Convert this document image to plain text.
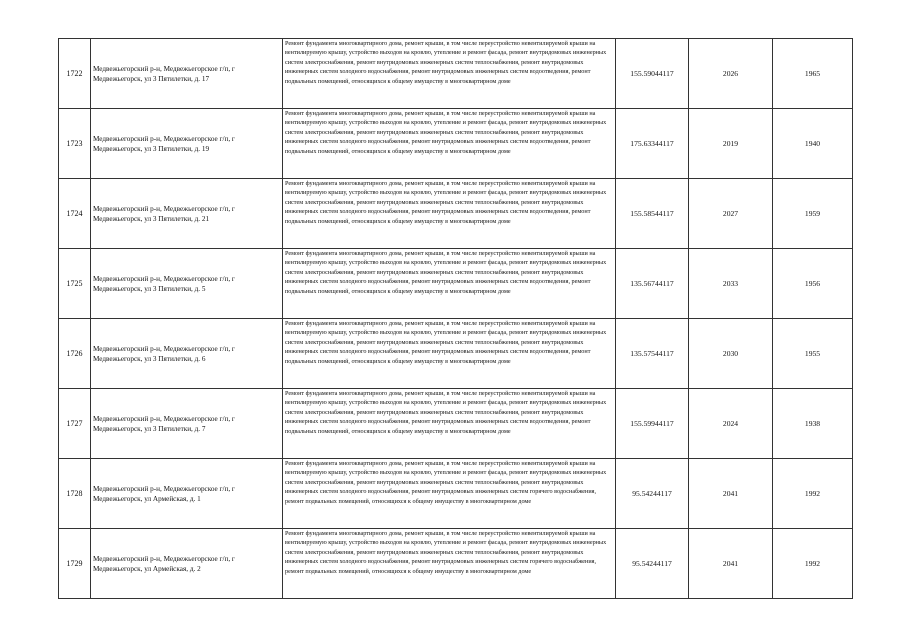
1722	Медвежьегорский р-н, Медвежьегорское г/п, г Медвежьегорск, ул 3 Пятилетки, д. 17	Ремонт фундамента многоквартирного дома, ремонт крыши, в том числе переустройство невентилируемой крыши на вентилируемую крышу, устройство выходов на кровлю, утепление и ремонт фасада, ремонт внутридомовых инженерных систем электроснабжения, ремонт внутридомовых инженерных систем теплоснабжения, ремонт внутридомовых инженерных систем холодного водоснабжения, ремонт внутридомовых инженерных систем водоотведения, ремонт подвальных помещений, относящихся к общему имуществу в многоквартирном доме	155.59044117	2026	1965
1723	Медвежьегорский р-н, Медвежьегорское г/п, г Медвежьегорск, ул 3 Пятилетки, д. 19	Ремонт фундамента многоквартирного дома, ремонт крыши, в том числе переустройство невентилируемой крыши на вентилируемую крышу, устройство выходов на кровлю, утепление и ремонт фасада, ремонт внутридомовых инженерных систем электроснабжения, ремонт внутридомовых инженерных систем теплоснабжения, ремонт внутридомовых инженерных систем холодного водоснабжения, ремонт внутридомовых инженерных систем водоотведения, ремонт подвальных помещений, относящихся к общему имуществу в многоквартирном доме	175.63344117	2019	1940
1724	Медвежьегорский р-н, Медвежьегорское г/п, г Медвежьегорск, ул 3 Пятилетки, д. 21	Ремонт фундамента многоквартирного дома, ремонт крыши, в том числе переустройство невентилируемой крыши на вентилируемую крышу, устройство выходов на кровлю, утепление и ремонт фасада, ремонт внутридомовых инженерных систем электроснабжения, ремонт внутридомовых инженерных систем теплоснабжения, ремонт внутридомовых инженерных систем холодного водоснабжения, ремонт внутридомовых инженерных систем водоотведения, ремонт подвальных помещений, относящихся к общему имуществу в многоквартирном доме	155.58544117	2027	1959
1725	Медвежьегорский р-н, Медвежьегорское г/п, г Медвежьегорск, ул 3 Пятилетки, д. 5	Ремонт фундамента многоквартирного дома, ремонт крыши, в том числе переустройство невентилируемой крыши на вентилируемую крышу, устройство выходов на кровлю, утепление и ремонт фасада, ремонт внутридомовых инженерных систем электроснабжения, ремонт внутридомовых инженерных систем теплоснабжения, ремонт внутридомовых инженерных систем холодного водоснабжения, ремонт внутридомовых инженерных систем водоотведения, ремонт подвальных помещений, относящихся к общему имуществу в многоквартирном доме	135.56744117	2033	1956
1726	Медвежьегорский р-н, Медвежьегорское г/п, г Медвежьегорск, ул 3 Пятилетки, д. 6	Ремонт фундамента многоквартирного дома, ремонт крыши, в том числе переустройство невентилируемой крыши на вентилируемую крышу, устройство выходов на кровлю, утепление и ремонт фасада, ремонт внутридомовых инженерных систем электроснабжения, ремонт внутридомовых инженерных систем теплоснабжения, ремонт внутридомовых инженерных систем холодного водоснабжения, ремонт внутридомовых инженерных систем водоотведения, ремонт подвальных помещений, относящихся к общему имуществу в многоквартирном доме	135.57544117	2030	1955
1727	Медвежьегорский р-н, Медвежьегорское г/п, г Медвежьегорск, ул 3 Пятилетки, д. 7	Ремонт фундамента многоквартирного дома, ремонт крыши, в том числе переустройство невентилируемой крыши на вентилируемую крышу, устройство выходов на кровлю, утепление и ремонт фасада, ремонт внутридомовых инженерных систем электроснабжения, ремонт внутридомовых инженерных систем теплоснабжения, ремонт внутридомовых инженерных систем холодного водоснабжения, ремонт внутридомовых инженерных систем водоотведения, ремонт подвальных помещений, относящихся к общему имуществу в многоквартирном доме	155.59944117	2024	1938
1728	Медвежьегорский р-н, Медвежьегорское г/п, г Медвежьегорск, ул Армейская, д. 1	Ремонт фундамента многоквартирного дома, ремонт крыши, в том числе переустройство невентилируемой крыши на вентилируемую крышу, устройство выходов на кровлю, утепление и ремонт фасада, ремонт внутридомовых инженерных систем электроснабжения, ремонт внутридомовых инженерных систем теплоснабжения, ремонт внутридомовых инженерных систем холодного водоснабжения, ремонт внутридомовых инженерных систем горячего водоснабжения, ремонт подвальных помещений, относящихся к общему имуществу в многоквартирном доме	95.54244117	2041	1992
1729	Медвежьегорский р-н, Медвежьегорское г/п, г Медвежьегорск, ул Армейская, д. 2	Ремонт фундамента многоквартирного дома, ремонт крыши, в том числе переустройство невентилируемой крыши на вентилируемую крышу, устройство выходов на кровлю, утепление и ремонт фасада, ремонт внутридомовых инженерных систем электроснабжения, ремонт внутридомовых инженерных систем теплоснабжения, ремонт внутридомовых инженерных систем холодного водоснабжения, ремонт внутридомовых инженерных систем горячего водоснабжения, ремонт подвальных помещений, относящихся к общему имуществу в многоквартирном доме	95.54244117	2041	1992
